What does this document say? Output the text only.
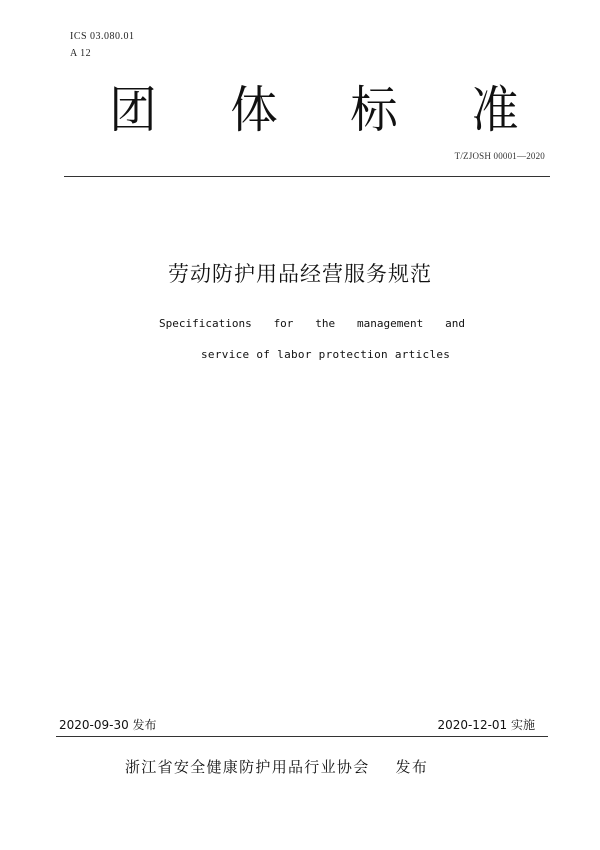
ICS 03.080.01
A 12
团 体 标 准
T/ZJOSH 00001—2020
劳动防护用品经营服务规范
Specifications for the management and
service of labor protection articles
2020-09-30 发布	2020-12-01 实施
浙江省安全健康防护用品行业协会 发布
